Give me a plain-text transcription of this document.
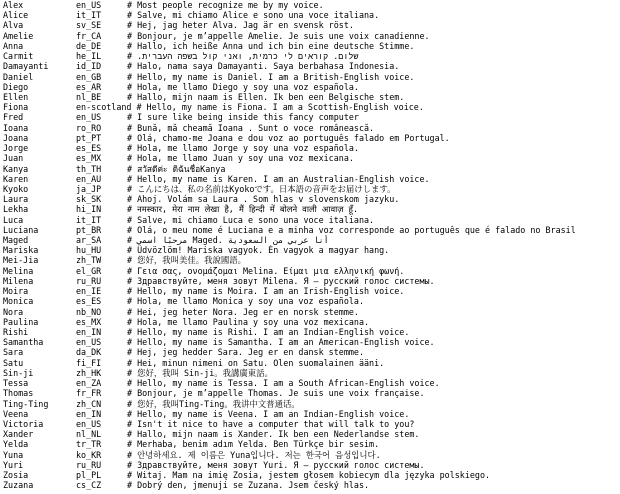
Alex	en_US	# Most people recognize me by my voice.
Alice	it_IT	# Salve, mi chiamo Alice e sono una voce italiana.
Alva	sv_SE	# Hej, jag heter Alva. Jag är en svensk röst.
Amelie	fr_CA	# Bonjour, je m’appelle Amelie. Je suis une voix canadienne.
Anna	de_DE	# Hallo, ich heiße Anna und ich bin eine deutsche Stimme.
Carmit	he_IL	# .שלום. קוראים לי כרמית, ואני קול בשפה העברית
Damayanti	id_ID	# Halo, nama saya Damayanti. Saya berbahasa Indonesia.
Daniel	en_GB	# Hello, my name is Daniel. I am a British-English voice.
Diego	es_AR	# Hola, me llamo Diego y soy una voz española.
Ellen	nl_BE	# Hallo, mijn naam is Ellen. Ik ben een Belgische stem.
Fiona	en-scotland # Hello, my name is Fiona. I am a Scottish-English voice.
Fred	en_US	# I sure like being inside this fancy computer
Ioana	ro_RO	# Bună, mă cheamă Ioana . Sunt o voce românească.
Joana	pt_PT	# Olá, chamo-me Joana e dou voz ao português falado em Portugal.
Jorge	es_ES	# Hola, me llamo Jorge y soy una voz española.
Juan	es_MX	# Hola, me llamo Juan y soy una voz mexicana.
Kanya	th_TH	# สวัสดีค่ะ ดิฉันชื่อKanya
Karen	en_AU	# Hello, my name is Karen. I am an Australian-English voice.
Kyoko	ja_JP	# こんにちは、私の名前はKyokoです。日本語の音声をお届けします。
Laura	sk_SK	# Ahoj. Volám sa Laura . Som hlas v slovenskom jazyku.
Lekha	hi_IN	# नमस्कार, मेरा नाम लेखा है, मैं हिन्दी में बोलने वाली आवाज़ हूँ.
Luca	it_IT	# Salve, mi chiamo Luca e sono una voce italiana.
Luciana	pt_BR	# Olá, o meu nome é Luciana e a minha voz corresponde ao português que é falado no Brasil
Maged	ar_SA	# مرحبًا اسمي Maged. أنا عربي من السعودية
Mariska	hu_HU	# Üdvözlöm! Mariska vagyok. Én vagyok a magyar hang.
Mei-Jia	zh_TW	# 您好，我叫美佳。我說國語。
Melina	el_GR	# Γεια σας, ονομάζομαι Melina. Είμαι μια ελληνική φωνή.
Milena	ru_RU	# Здравствуйте, меня зовут Milena. Я – русский голос системы.
Moira	en_IE	# Hello, my name is Moira. I am an Irish-English voice.
Monica	es_ES	# Hola, me llamo Monica y soy una voz española.
Nora	nb_NO	# Hei, jeg heter Nora. Jeg er en norsk stemme.
Paulina	es_MX	# Hola, me llamo Paulina y soy una voz mexicana.
Rishi	en_IN	# Hello, my name is Rishi. I am an Indian-English voice.
Samantha	en_US	# Hello, my name is Samantha. I am an American-English voice.
Sara	da_DK	# Hej, jeg hedder Sara. Jeg er en dansk stemme.
Satu	fi_FI	# Hei, minun nimeni on Satu. Olen suomalainen ääni.
Sin-ji	zh_HK	# 您好，我叫 Sin-ji。我講廣東話。
Tessa	en_ZA	# Hello, my name is Tessa. I am a South African-English voice.
Thomas	fr_FR	# Bonjour, je m’appelle Thomas. Je suis une voix française.
Ting-Ting	zh_CN	# 您好，我叫Ting-Ting。我讲中文普通话。
Veena	en_IN	# Hello, my name is Veena. I am an Indian-English voice.
Victoria	en_US	# Isn't it nice to have a computer that will talk to you?
Xander	nl_NL	# Hallo, mijn naam is Xander. Ik ben een Nederlandse stem.
Yelda	tr_TR	# Merhaba, benim adım Yelda. Ben Türkçe bir sesim.
Yuna	ko_KR	# 안녕하세요. 제 이름은 Yuna입니다. 저는 한국어 음성입니다.
Yuri	ru_RU	# Здравствуйте, меня зовут Yuri. Я – русский голос системы.
Zosia	pl_PL	# Witaj. Mam na imię Zosia, jestem głosem kobiecym dla języka polskiego.
Zuzana	cs_CZ	# Dobrý den, jmenuji se Zuzana. Jsem český hlas.
